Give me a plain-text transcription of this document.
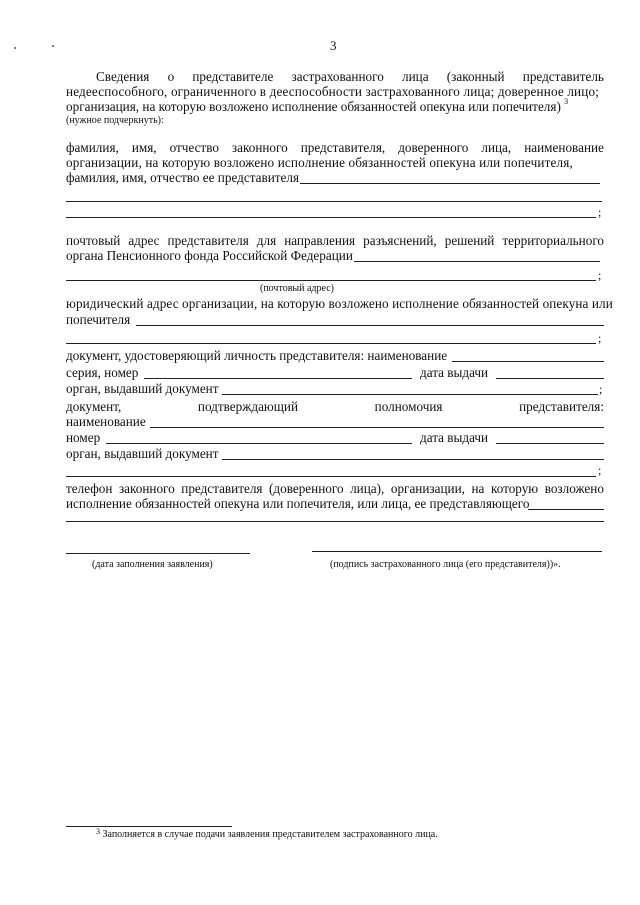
3
Сведения о представителе застрахованного лица (законный представитель
недееспособного, ограниченного в дееспособности застрахованного лица; доверенное лицо;
организация, на которую возложено исполнение обязанностей опекуна или попечителя) $^3$
(нужное подчеркнуть):
фамилия, имя, отчество законного представителя, доверенного лица, наименование
организации, на которую возложено исполнение обязанностей опекуна или попечителя,
фамилия, имя, отчество ее представителя
;
почтовый адрес представителя для направления разъяснений, решений территориального
органа Пенсионного фонда Российской Федерации
;
(почтовый адрес)
юридический адрес организации, на которую возложено исполнение обязанностей опекуна или
попечителя
;
документ, удостоверяющий личность представителя: наименование
серия, номер	дата выдачи
орган, выдавший документ	;
документ,	подтверждающий	полномочия	представителя:
наименование
номер	дата выдачи
орган, выдавший документ
;
телефон законного представителя (доверенного лица), организации, на которую возложено
исполнение обязанностей опекуна или попечителя, или лица, ее представляющего
(дата заполнения заявления)	(подпись застрахованного лица (его представителя))».
$^3$ Заполняется в случае подачи заявления представителем застрахованного лица.
